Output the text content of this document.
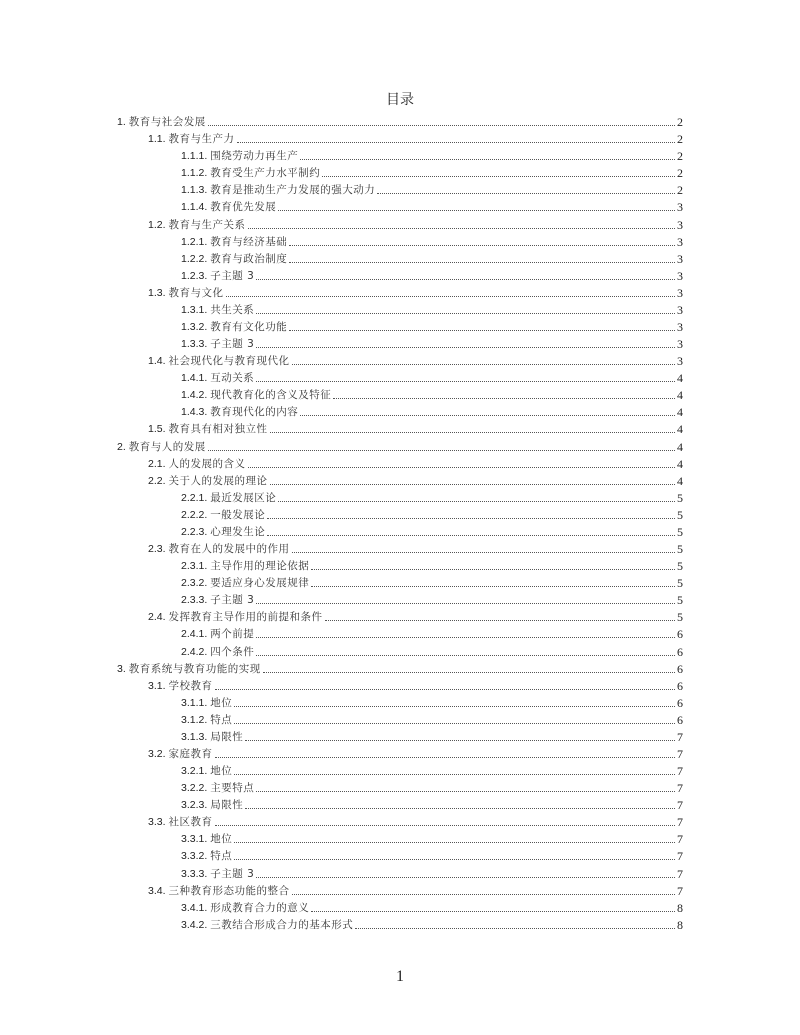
目录
1. 教育与社会发展	2
1.1. 教育与生产力	2
1.1.1. 围绕劳动力再生产	2
1.1.2. 教育受生产力水平制约	2
1.1.3. 教育是推动生产力发展的强大动力	2
1.1.4. 教育优先发展	3
1.2. 教育与生产关系	3
1.2.1. 教育与经济基础	3
1.2.2. 教育与政治制度	3
1.2.3. 子主题 3	3
1.3. 教育与文化	3
1.3.1. 共生关系	3
1.3.2. 教育有文化功能	3
1.3.3. 子主题 3	3
1.4. 社会现代化与教育现代化	3
1.4.1. 互动关系	4
1.4.2. 现代教育化的含义及特征	4
1.4.3. 教育现代化的内容	4
1.5. 教育具有相对独立性	4
2. 教育与人的发展	4
2.1. 人的发展的含义	4
2.2. 关于人的发展的理论	4
2.2.1. 最近发展区论	5
2.2.2. 一般发展论	5
2.2.3. 心理发生论	5
2.3. 教育在人的发展中的作用	5
2.3.1. 主导作用的理论依据	5
2.3.2. 要适应身心发展规律	5
2.3.3. 子主题 3	5
2.4. 发挥教育主导作用的前提和条件	5
2.4.1. 两个前提	6
2.4.2. 四个条件	6
3. 教育系统与教育功能的实现	6
3.1. 学校教育	6
3.1.1. 地位	6
3.1.2. 特点	6
3.1.3. 局限性	7
3.2. 家庭教育	7
3.2.1. 地位	7
3.2.2. 主要特点	7
3.2.3. 局限性	7
3.3. 社区教育	7
3.3.1. 地位	7
3.3.2. 特点	7
3.3.3. 子主题 3	7
3.4. 三种教育形态功能的整合	7
3.4.1. 形成教育合力的意义	8
3.4.2. 三教结合形成合力的基本形式	8
1
